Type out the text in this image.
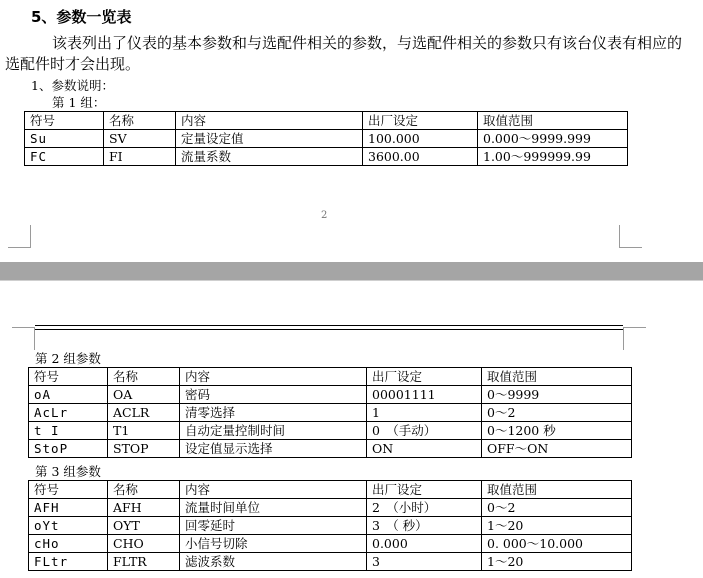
5、参数一览表
该表列出了仪表的基本参数和与选配件相关的参数，与选配件相关的参数只有该台仪表有相应的选配件时才会出现。
1、参数说明：
第 1 组：
符号	名称	内容	出厂设定	取值范围
Su	SV	定量设定值	100.000	0.000～9999.999
FC	FI	流量系数	3600.00	1.00～999999.99
2
第 2 组参数
符号	名称	内容	出厂设定	取值范围
oA	OA	密码	00001111	0～9999
AcLr	ACLR	清零选择	1	0～2
t I	T1	自动定量控制时间	0　（手动）	0～1200 秒
StoP	STOP	设定值显示选择	ON	OFF～ON
第 3 组参数
符号	名称	内容	出厂设定	取值范围
AFH	AFH	流量时间单位	2　（小时）	0～2
oYt	OYT	回零延时	3　（ 秒）	1～20
cHo	CHO	小信号切除	0.000	0. 000～10.000
FLtr	FLTR	滤波系数	3	1～20
